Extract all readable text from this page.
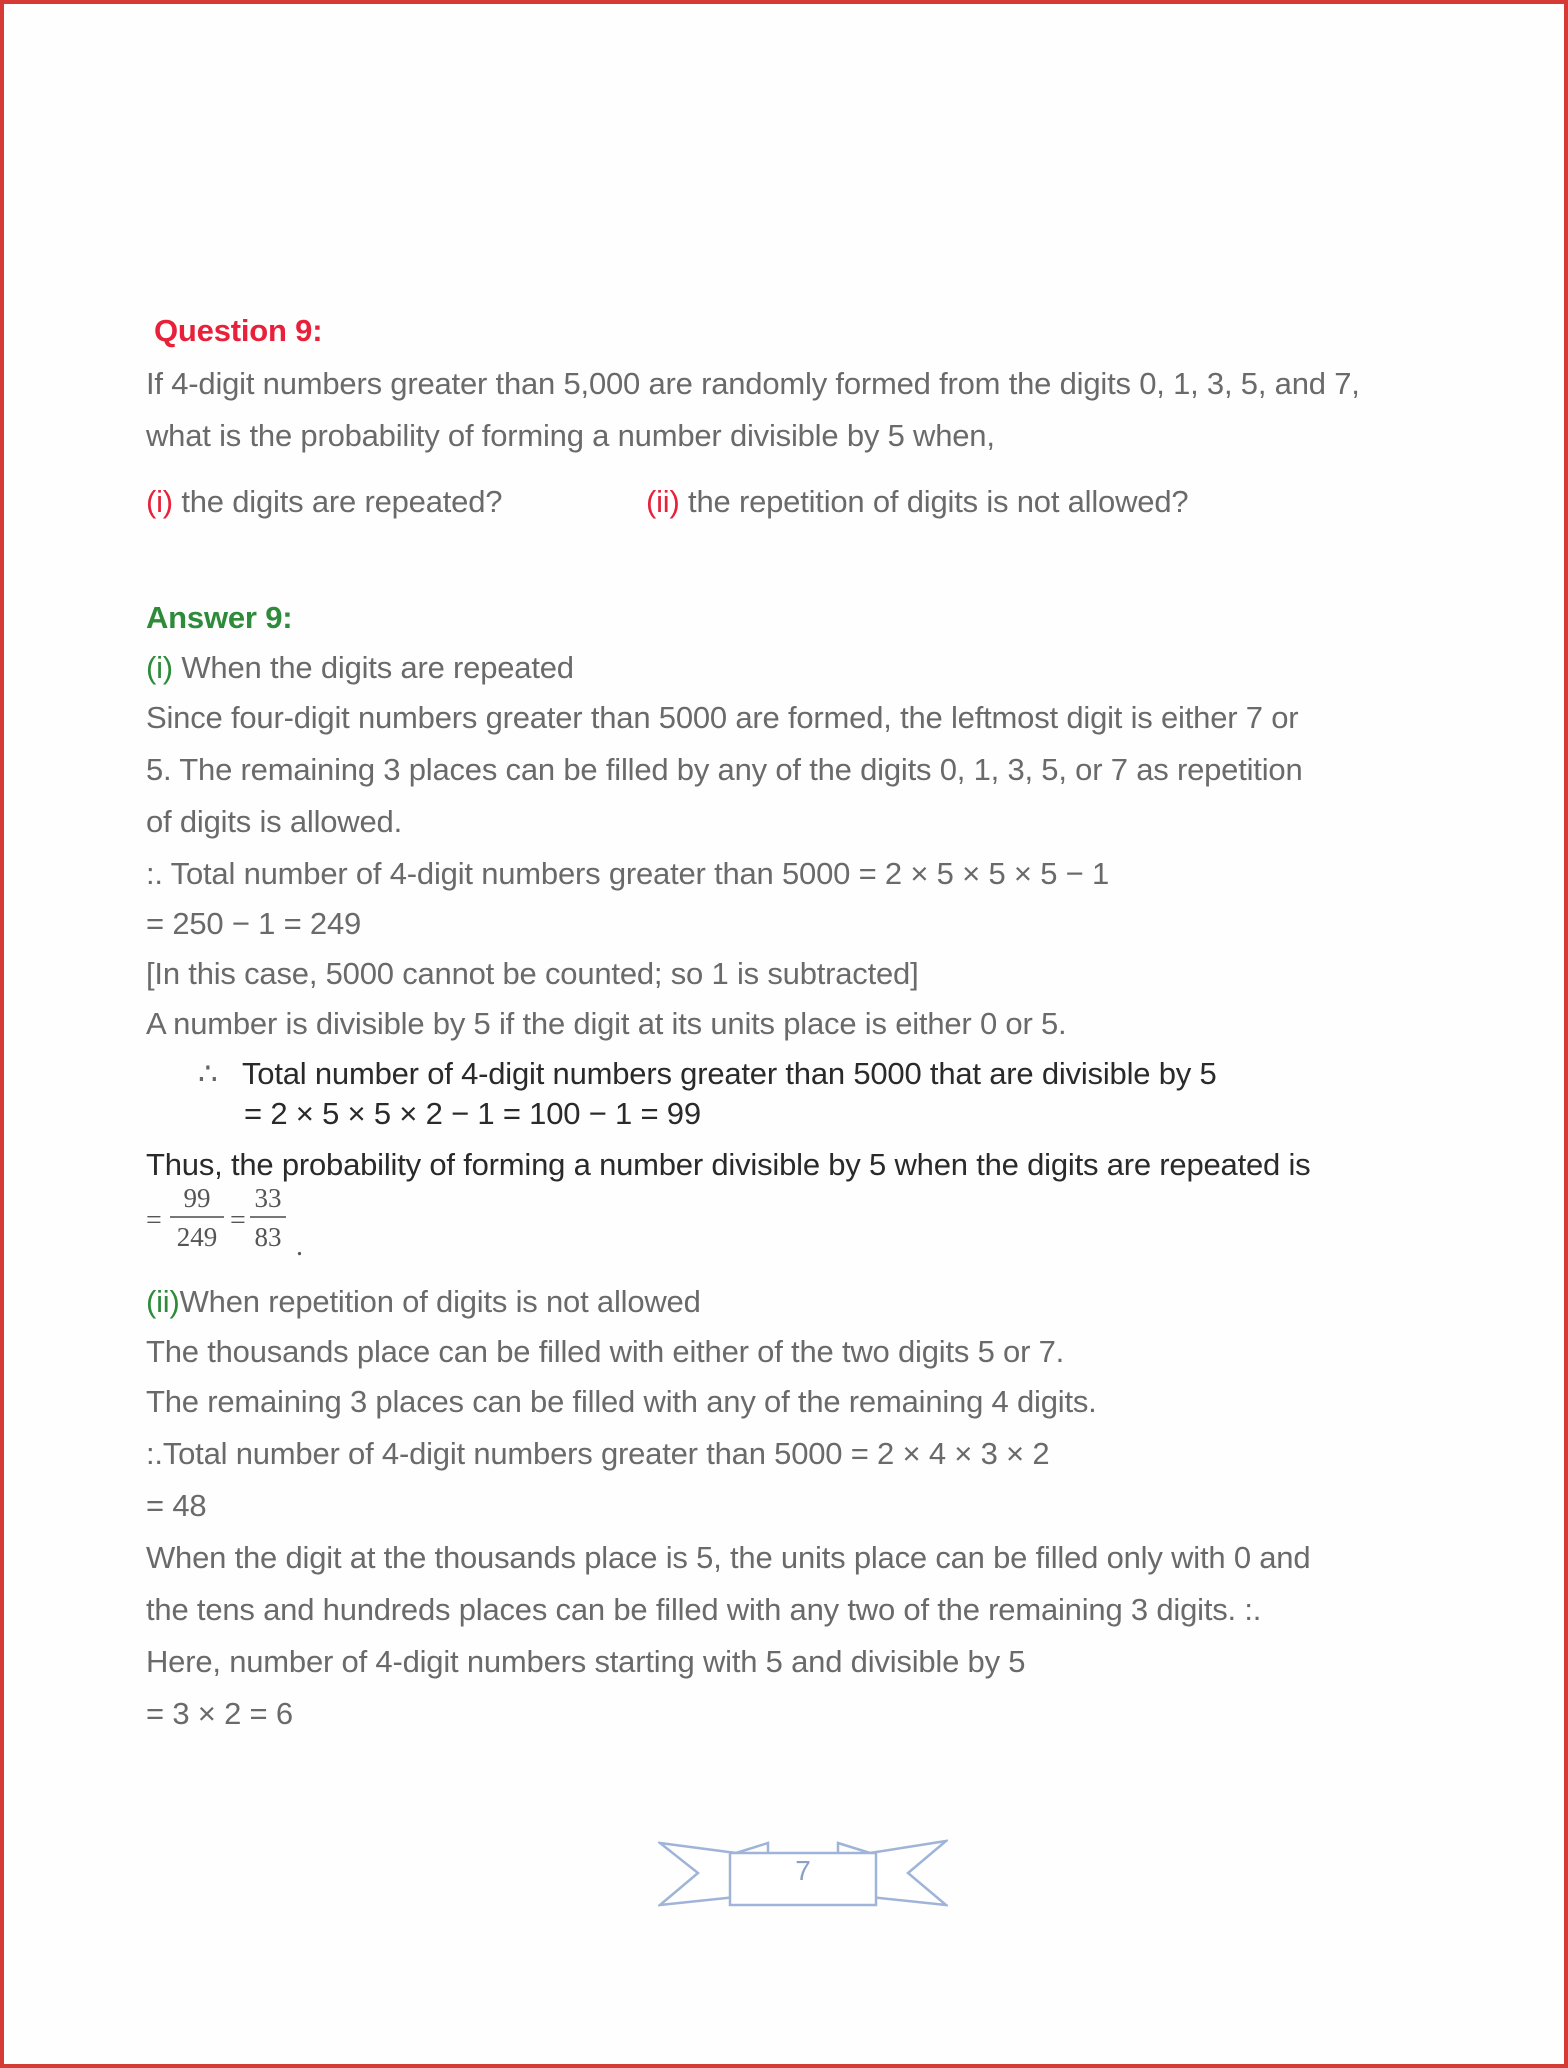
Question 9:
If 4-digit numbers greater than 5,000 are randomly formed from the digits 0, 1, 3, 5, and 7,
what is the probability of forming a number divisible by 5 when,
(i) the digits are repeated?	(ii) the repetition of digits is not allowed?
Answer 9:
(i) When the digits are repeated
Since four-digit numbers greater than 5000 are formed, the leftmost digit is either 7 or
5. The remaining 3 places can be filled by any of the digits 0, 1, 3, 5, or 7 as repetition
of digits is allowed.
:. Total number of 4-digit numbers greater than 5000 = 2 × 5 × 5 × 5 − 1
= 250 − 1 = 249
[In this case, 5000 cannot be counted; so 1 is subtracted]
A number is divisible by 5 if the digit at its units place is either 0 or 5.
∴ Total number of 4-digit numbers greater than 5000 that are divisible by 5
= 2 × 5 × 5 × 2 − 1 = 100 − 1 = 99
Thus, the probability of forming a number divisible by 5 when the digits are repeated is
= $\frac{99}{249} = \frac{33}{83}$ .
(ii)When repetition of digits is not allowed
The thousands place can be filled with either of the two digits 5 or 7.
The remaining 3 places can be filled with any of the remaining 4 digits.
:.Total number of 4-digit numbers greater than 5000 = 2 × 4 × 3 × 2
= 48
When the digit at the thousands place is 5, the units place can be filled only with 0 and
the tens and hundreds places can be filled with any two of the remaining 3 digits. :.
Here, number of 4-digit numbers starting with 5 and divisible by 5
= 3 × 2 = 6
7
